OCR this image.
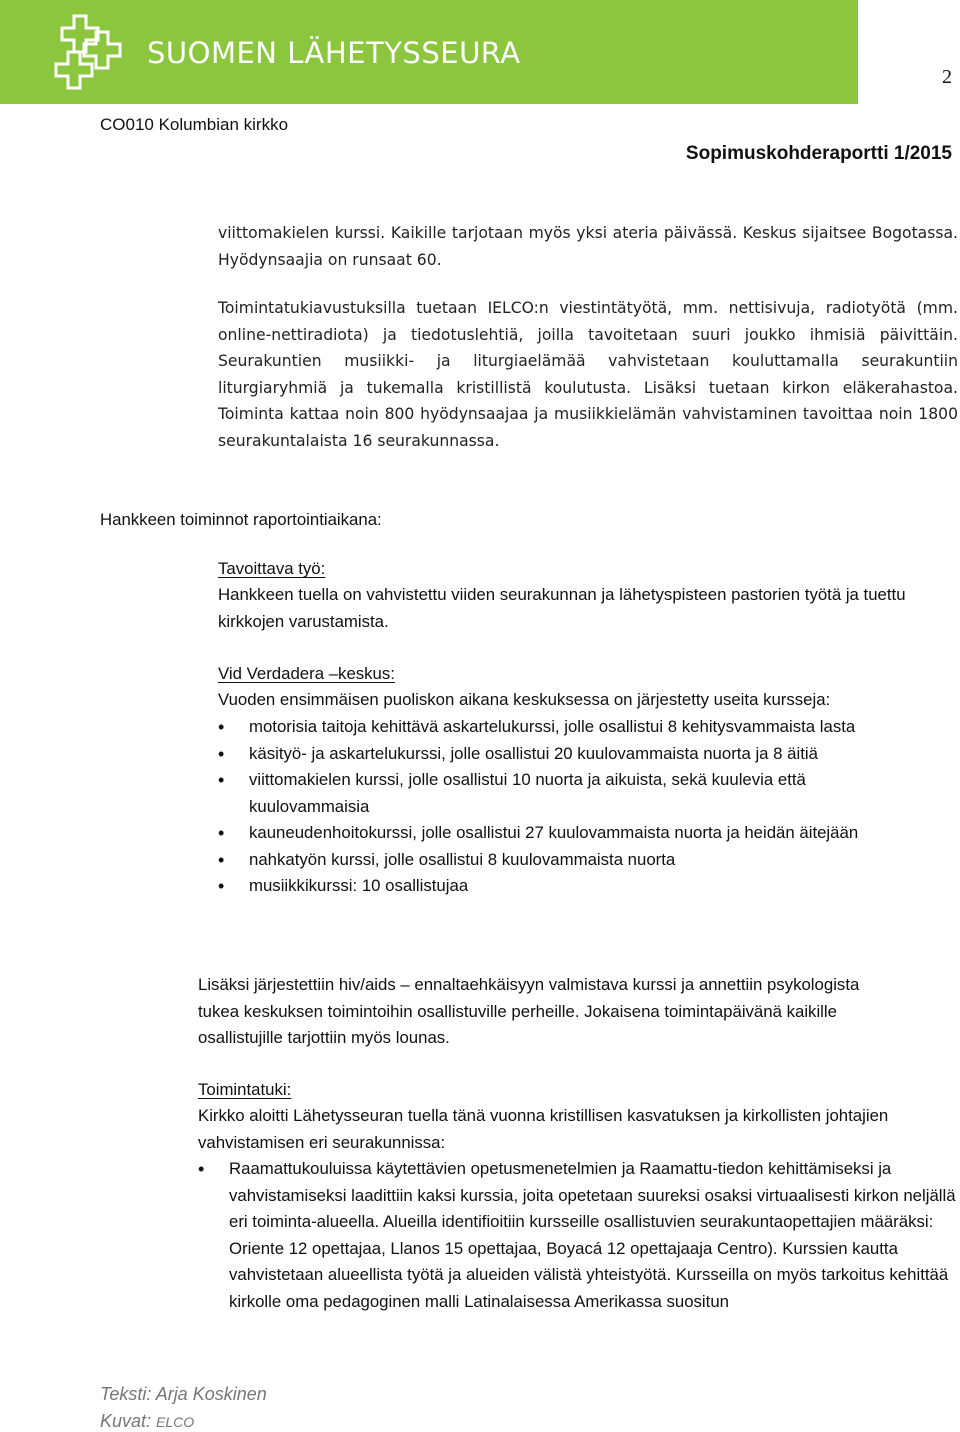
SUOMEN LÄHETYSSEURA
2
CO010 Kolumbian kirkko
Sopimuskohderaportti 1/2015

viittomakielen kurssi. Kaikille tarjotaan myös yksi ateria päivässä. Keskus sijaitsee Bogotassa. Hyödynsaajia on runsaat 60.

Toimintatukiavustuksilla tuetaan IELCO:n viestintätyötä, mm. nettisivuja, radiotyötä (mm. online-nettiradiota) ja tiedotuslehtiä, joilla tavoitetaan suuri joukko ihmisiä päivittäin. Seurakuntien musiikki- ja liturgiaelämää vahvistetaan kouluttamalla seurakuntiin liturgiaryhmiä ja tukemalla kristillistä koulutusta. Lisäksi tuetaan kirkon eläkerahastoa. Toiminta kattaa noin 800 hyödynsaajaa ja musiikkielämän vahvistaminen tavoittaa noin 1800 seurakuntalaista 16 seurakunnassa.

Hankkeen toiminnot raportointiaikana:

Tavoittava työ:

Hankkeen tuella on vahvistettu viiden seurakunnan ja lähetyspisteen pastorien työtä ja tuettu kirkkojen varustamista.

Vid Verdadera –keskus:

Vuoden ensimmäisen puoliskon aikana keskuksessa on järjestetty useita kursseja:

• motorisia taitoja kehittävä askartelukurssi, jolle osallistui 8 kehitysvammaista lasta
• käsityö- ja askartelukurssi, jolle osallistui 20 kuulovammaista nuorta ja 8 äitiä
• viittomakielen kurssi, jolle osallistui 10 nuorta ja aikuista, sekä kuulevia että kuulovammaisia
• kauneudenhoitokurssi, jolle osallistui 27 kuulovammaista nuorta ja heidän äitejään
• nahkatyön kurssi, jolle osallistui 8 kuulovammaista nuorta
• musiikkikurssi: 10 osallistujaa

Lisäksi järjestettiin hiv/aids – ennaltaehkäisyyn valmistava kurssi ja annettiin psykologista tukea keskuksen toimintoihin osallistuville perheille. Jokaisena toimintapäivänä kaikille osallistujille tarjottiin myös lounas.

Toimintatuki:

Kirkko aloitti Lähetysseuran tuella tänä vuonna kristillisen kasvatuksen ja kirkollisten johtajien vahvistamisen eri seurakunnissa:

• Raamattukouluissa käytettävien opetusmenetelmien ja Raamattu-tiedon kehittämiseksi ja vahvistamiseksi laadittiin kaksi kurssia, joita opetetaan suureksi osaksi virtuaalisesti kirkon neljällä eri toiminta-alueella. Alueilla identifioitiin kursseille osallistuvien seurakuntaopettajien määräksi: Oriente 12 opettajaa, Llanos 15 opettajaa, Boyacá 12 opettajaaja Centro). Kurssien kautta vahvistetaan alueellista työtä ja alueiden välistä yhteistyötä. Kursseilla on myös tarkoitus kehittää kirkolle oma pedagoginen malli Latinalaisessa Amerikassa suositun
Teksti: Arja Koskinen
Kuvat: ELCO
